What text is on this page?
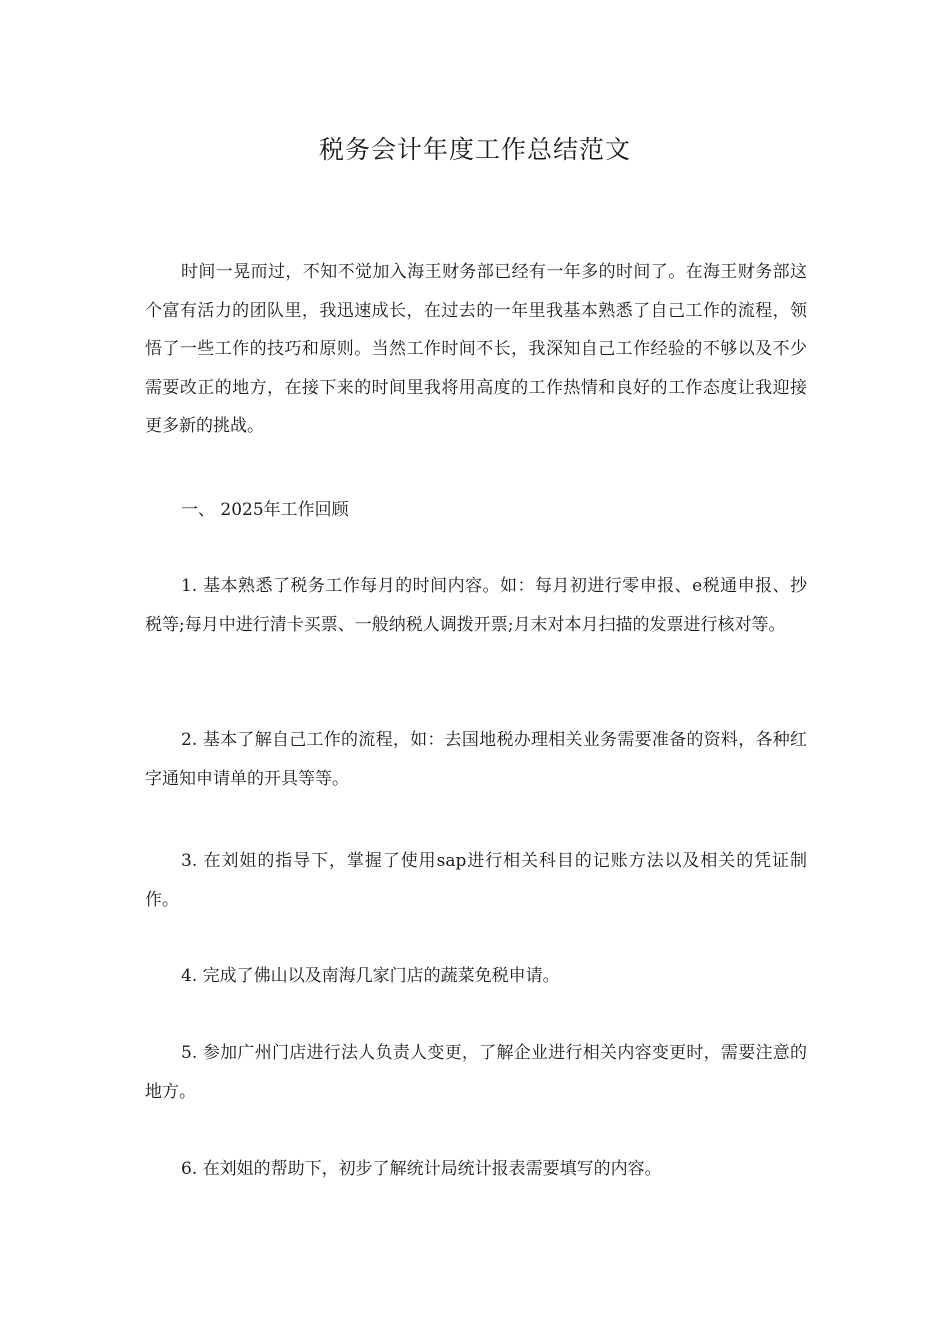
税务会计年度工作总结范文

时间一晃而过，不知不觉加入海王财务部已经有一年多的时间了。在海王财务部这个富有活力的团队里，我迅速成长，在过去的一年里我基本熟悉了自己工作的流程，领悟了一些工作的技巧和原则。当然工作时间不长，我深知自己工作经验的不够以及不少需要改正的地方，在接下来的时间里我将用高度的工作热情和良好的工作态度让我迎接更多新的挑战。

一、 2025年工作回顾

1. 基本熟悉了税务工作每月的时间内容。如：每月初进行零申报、e税通申报、抄税等;每月中进行清卡买票、一般纳税人调拨开票;月末对本月扫描的发票进行核对等。

2. 基本了解自己工作的流程，如：去国地税办理相关业务需要准备的资料，各种红字通知申请单的开具等等。

3. 在刘姐的指导下，掌握了使用sap进行相关科目的记账方法以及相关的凭证制作。

4. 完成了佛山以及南海几家门店的蔬菜免税申请。

5. 参加广州门店进行法人负责人变更，了解企业进行相关内容变更时，需要注意的地方。

6. 在刘姐的帮助下，初步了解统计局统计报表需要填写的内容。
